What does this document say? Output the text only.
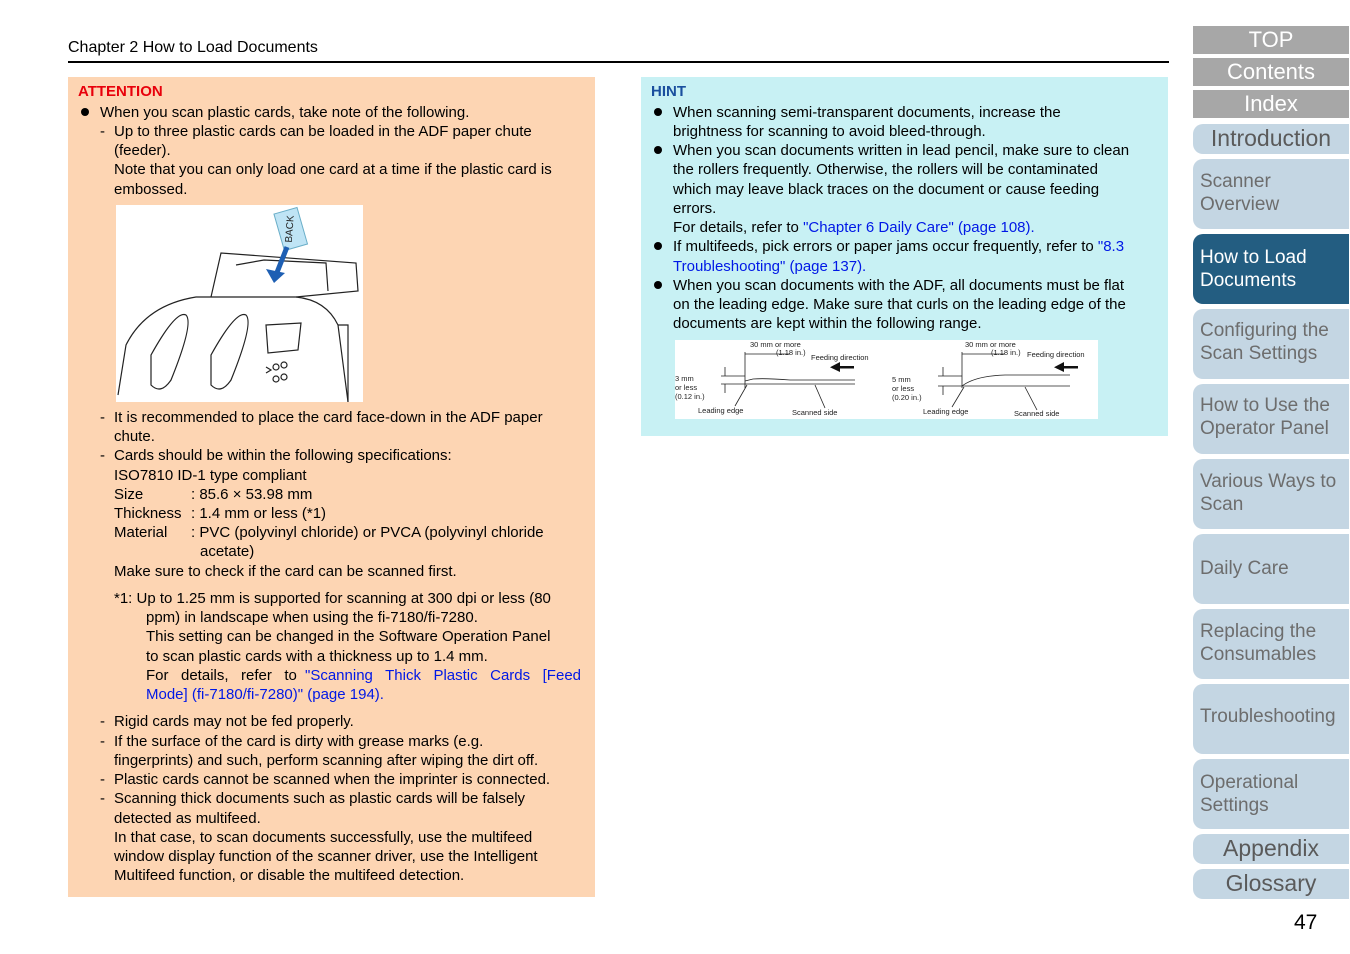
Chapter 2 How to Load Documents
ATTENTION
When you scan plastic cards, take note of the following.
- Up to three plastic cards can be loaded in the ADF paper chute
(feeder).
Note that you can only load one card at a time if the plastic card is
embossed.
BACK
- It is recommended to place the card face-down in the ADF paper
chute.
- Cards should be within the following specifications:
ISO7810 ID-1 type compliant
Size	: 85.6 × 53.98 mm
Thickness : 1.4 mm or less (*1)
Material : PVC (polyvinyl chloride) or PVCA (polyvinyl chloride
acetate)
Make sure to check if the card can be scanned first.
*1: Up to 1.25 mm is supported for scanning at 300 dpi or less (80
ppm) in landscape when using the fi-7180/fi-7280.
This setting can be changed in the Software Operation Panel
to scan plastic cards with a thickness up to 1.4 mm.
For   details,   refer   to "Scanning   Thick   Plastic   Cards   [Feed
Mode] (fi-7180/fi-7280)" (page 194).
- Rigid cards may not be fed properly.
- If the surface of the card is dirty with grease marks (e.g.
fingerprints) and such, perform scanning after wiping the dirt off.
- Plastic cards cannot be scanned when the imprinter is connected.
- Scanning thick documents such as plastic cards will be falsely
detected as multifeed.
In that case, to scan documents successfully, use the multifeed
window display function of the scanner driver, use the Intelligent
Multifeed function, or disable the multifeed detection.
HINT
When scanning semi-transparent documents, increase the
brightness for scanning to avoid bleed-through.
When you scan documents written in lead pencil, make sure to clean
the rollers frequently. Otherwise, the rollers will be contaminated
which may leave black traces on the document or cause feeding
errors.
For details, refer to "Chapter 6 Daily Care" (page 108).
If multifeeds, pick errors or paper jams occur frequently, refer to "8.3
Troubleshooting" (page 137).
When you scan documents with the ADF, all documents must be flat
on the leading edge. Make sure that curls on the leading edge of the
documents are kept within the following range.
30 mm or more
(1.18 in.)
Feeding direction
3 mm
or less
(0.12 in.)
Leading edge	Scanned side
30 mm or more
(1.18 in.) Feeding direction
5 mm
or less
(0.20 in.)
Leading edge	Scanned side
TOP
Contents
Index
Introduction
Scanner
Overview
How to Load
Documents
Configuring the
Scan Settings
How to Use the
Operator Panel
Various Ways to
Scan
Daily Care
Replacing the
Consumables
Troubleshooting
Operational
Settings
Appendix
Glossary
47
